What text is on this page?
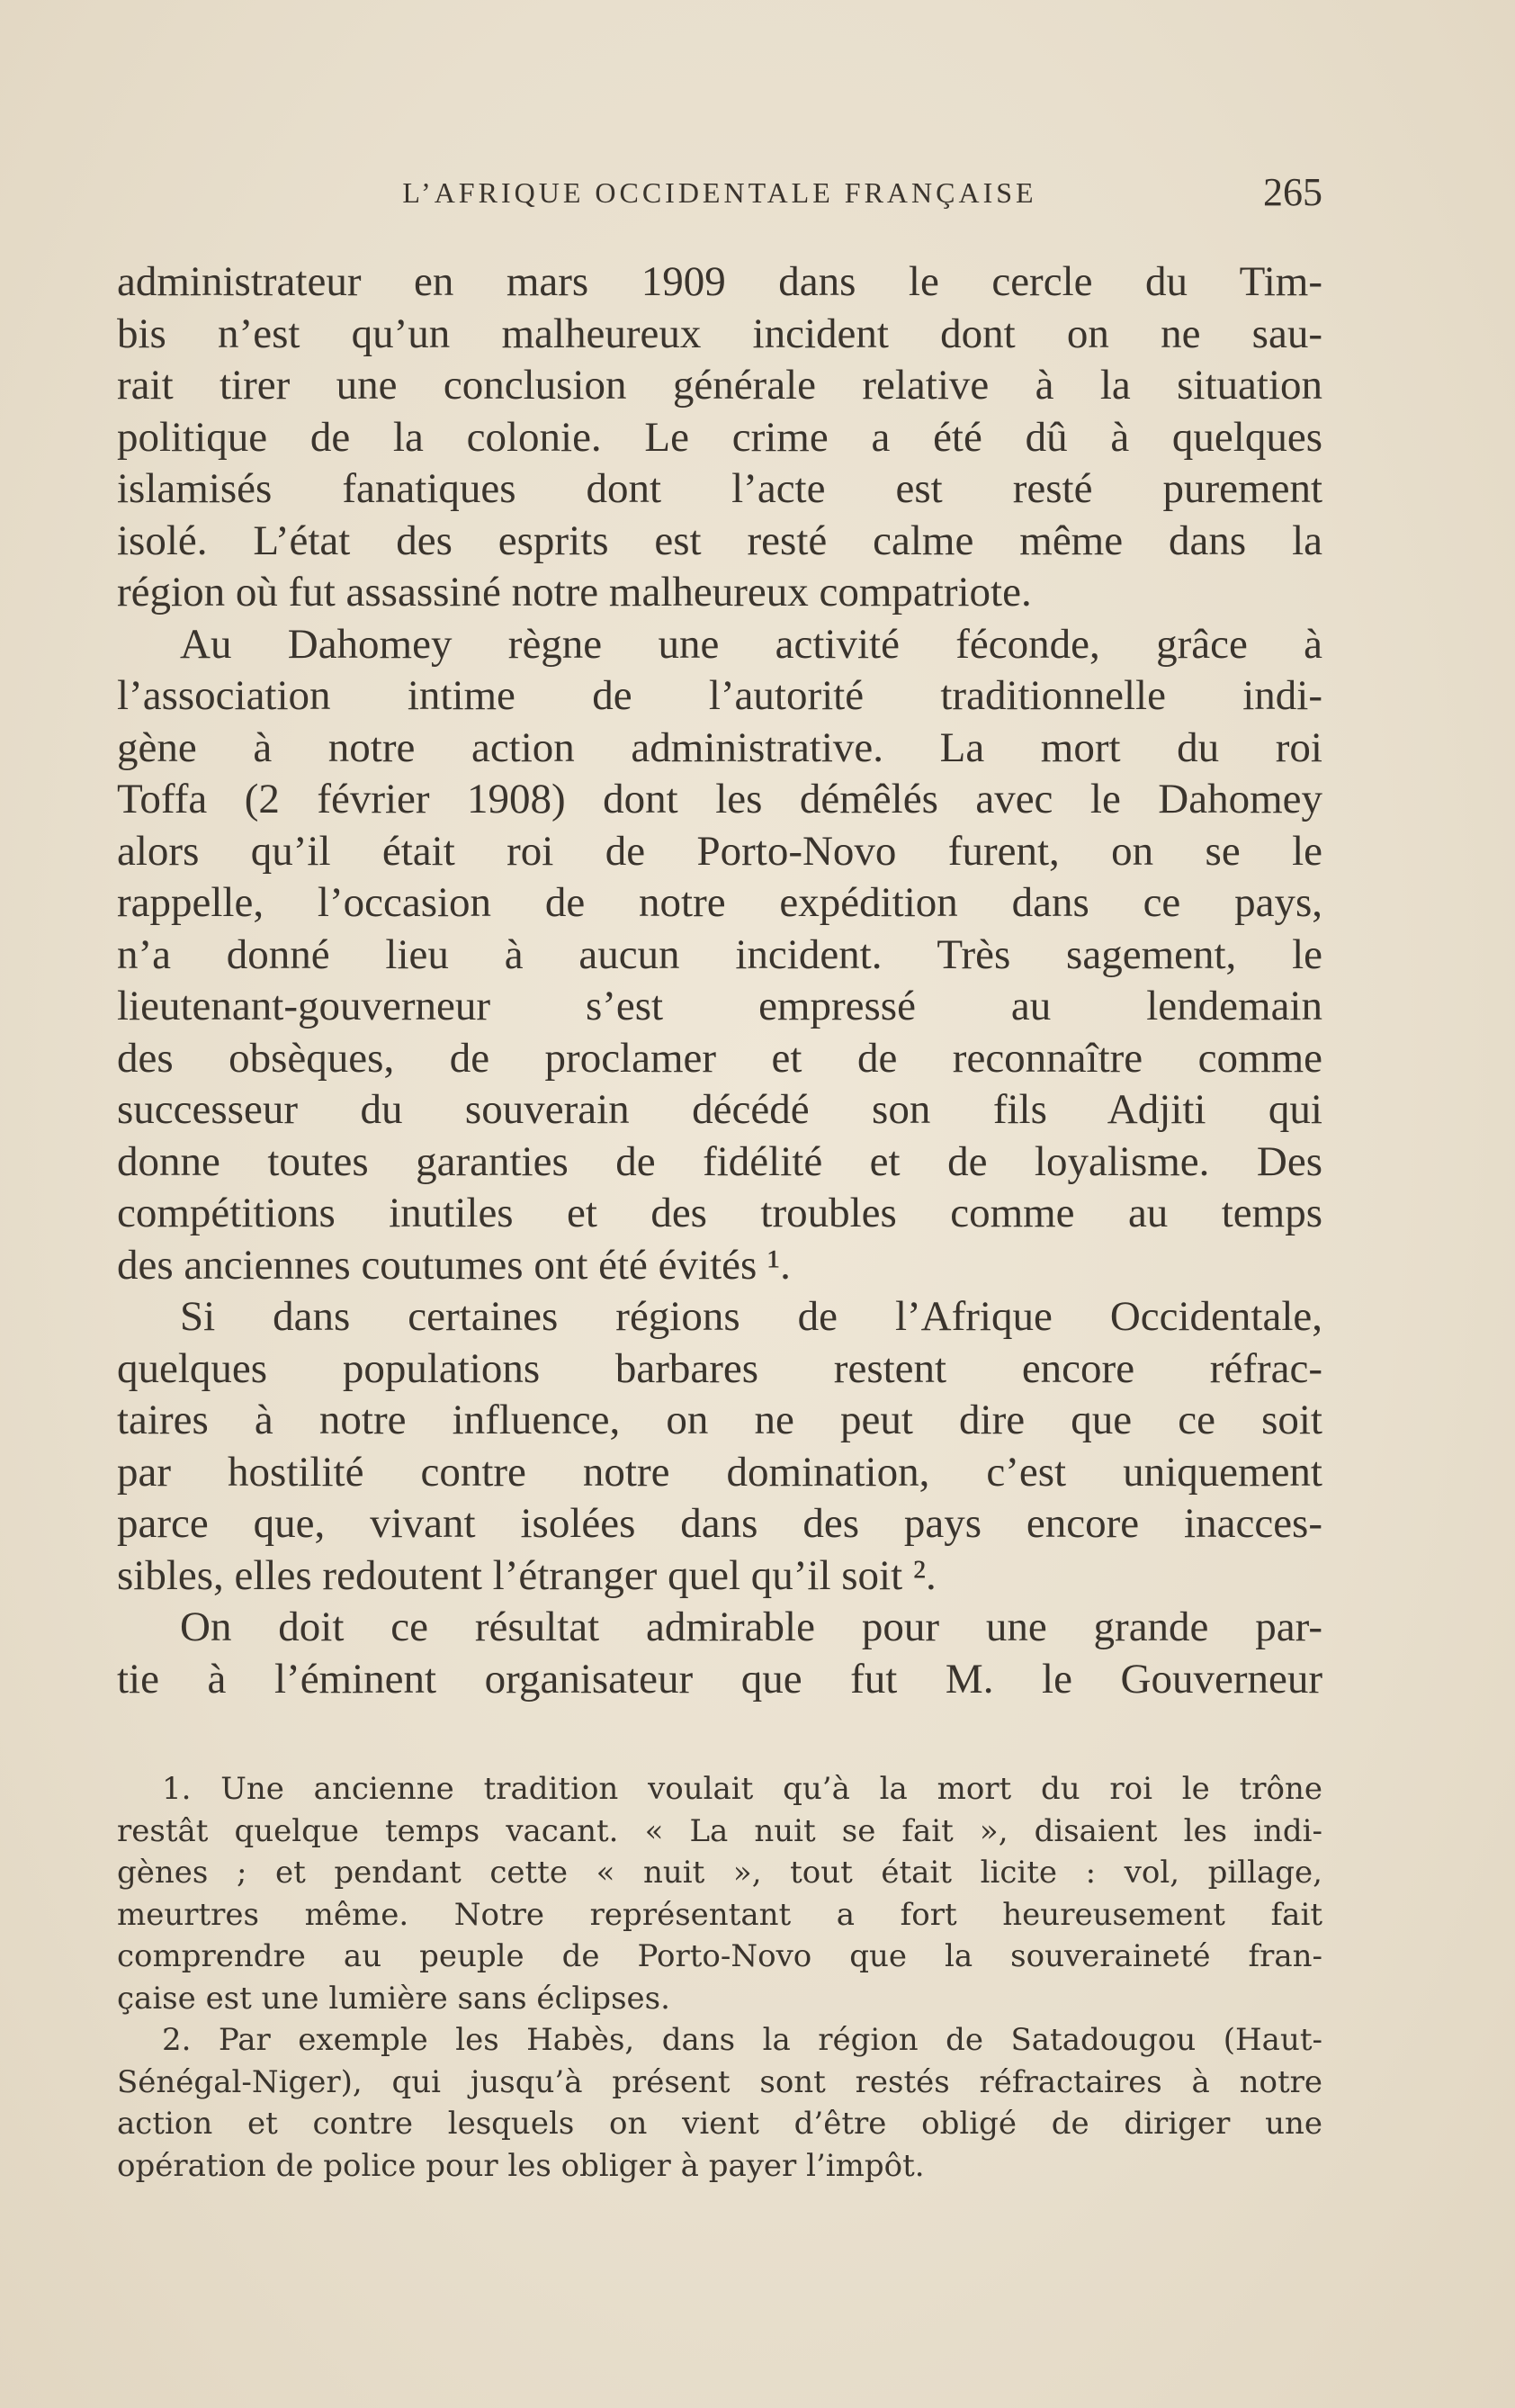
L’AFRIQUE OCCIDENTALE FRANÇAISE	265
administrateur en mars 1909 dans le cercle du Tim-
bis n’est qu’un malheureux incident dont on ne sau-
rait tirer une conclusion générale relative à la situation
politique de la colonie. Le crime a été dû à quelques
islamisés fanatiques dont l’acte est resté purement
isolé. L’état des esprits est resté calme même dans la
région où fut assassiné notre malheureux compatriote.
Au Dahomey règne une activité féconde, grâce à
l’association intime de l’autorité traditionnelle indi-
gène à notre action administrative. La mort du roi
Toffa (2 février 1908) dont les démêlés avec le Dahomey
alors qu’il était roi de Porto-Novo furent, on se le
rappelle, l’occasion de notre expédition dans ce pays,
n’a donné lieu à aucun incident. Très sagement, le
lieutenant-gouverneur s’est empressé au lendemain
des obsèques, de proclamer et de reconnaître comme
successeur du souverain décédé son fils Adjiti qui
donne toutes garanties de fidélité et de loyalisme. Des
compétitions inutiles et des troubles comme au temps
des anciennes coutumes ont été évités ¹.
Si dans certaines régions de l’Afrique Occidentale,
quelques populations barbares restent encore réfrac-
taires à notre influence, on ne peut dire que ce soit
par hostilité contre notre domination, c’est uniquement
parce que, vivant isolées dans des pays encore inacces-
sibles, elles redoutent l’étranger quel qu’il soit ².
On doit ce résultat admirable pour une grande par-
tie à l’éminent organisateur que fut M. le Gouverneur
1. Une ancienne tradition voulait qu’à la mort du roi le trône
restât quelque temps vacant. « La nuit se fait », disaient les indi-
gènes ; et pendant cette « nuit », tout était licite : vol, pillage,
meurtres même. Notre représentant a fort heureusement fait
comprendre au peuple de Porto-Novo que la souveraineté fran-
çaise est une lumière sans éclipses.
2. Par exemple les Habès, dans la région de Satadougou (Haut-
Sénégal-Niger), qui jusqu’à présent sont restés réfractaires à notre
action et contre lesquels on vient d’être obligé de diriger une
opération de police pour les obliger à payer l’impôt.
